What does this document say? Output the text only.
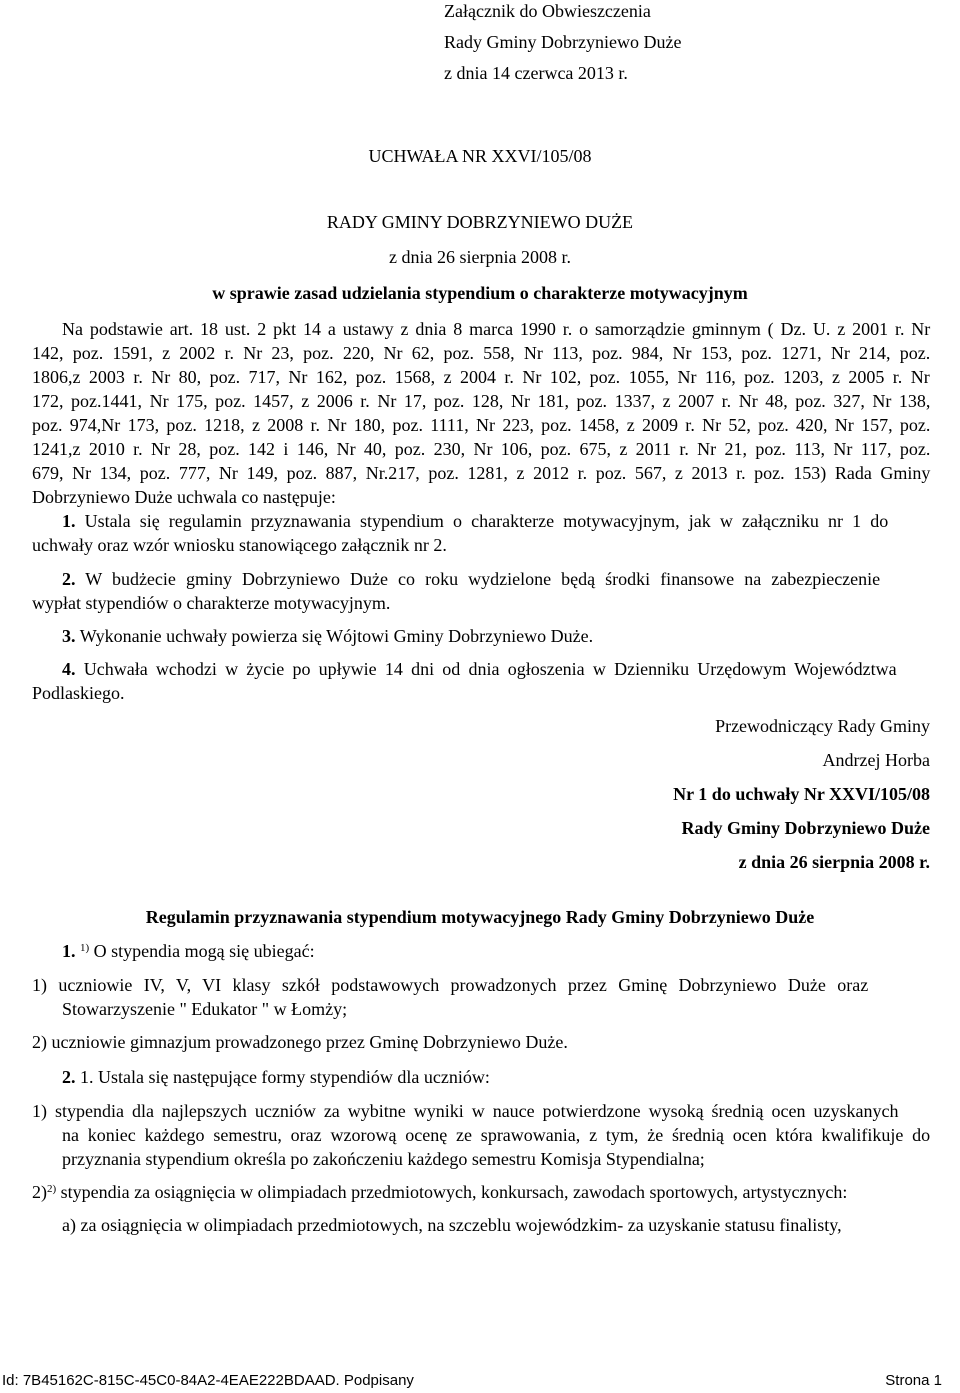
Załącznik do Obwieszczenia
Rady Gminy Dobrzyniewo Duże
z dnia 14 czerwca 2013 r.
UCHWAŁA NR XXVI/105/08
RADY GMINY DOBRZYNIEWO DUŻE
z dnia 26 sierpnia 2008 r.
w sprawie zasad udzielania stypendium o charakterze motywacyjnym
Na podstawie art. 18 ust. 2 pkt 14 a ustawy z dnia 8 marca 1990 r. o samorządzie gminnym ( Dz. U. z 2001 r. Nr
142, poz. 1591, z 2002 r. Nr 23, poz. 220, Nr 62, poz. 558, Nr 113, poz. 984, Nr 153, poz. 1271, Nr 214, poz.
1806,z 2003 r. Nr 80, poz. 717, Nr 162, poz. 1568, z 2004 r. Nr 102, poz. 1055, Nr 116, poz. 1203, z 2005 r. Nr
172, poz.1441, Nr 175, poz. 1457, z 2006 r. Nr 17, poz. 128, Nr 181, poz. 1337, z 2007 r. Nr 48, poz. 327, Nr 138,
poz. 974,Nr 173, poz. 1218, z 2008 r. Nr 180, poz. 1111, Nr 223, poz. 1458, z 2009 r. Nr 52, poz. 420, Nr 157, poz.
1241,z 2010 r. Nr 28, poz. 142 i 146, Nr 40, poz. 230, Nr 106, poz. 675, z 2011 r. Nr 21, poz. 113, Nr 117, poz.
679, Nr 134, poz. 777, Nr 149, poz. 887, Nr.217, poz. 1281, z 2012 r. poz. 567, z 2013 r. poz. 153) Rada Gminy
Dobrzyniewo Duże uchwala co następuje:
1. Ustala się regulamin przyznawania stypendium o charakterze motywacyjnym, jak w załączniku nr 1 do
uchwały oraz wzór wniosku stanowiącego załącznik nr 2.
2. W budżecie gminy Dobrzyniewo Duże co roku wydzielone będą środki finansowe na zabezpieczenie
wypłat stypendiów o charakterze motywacyjnym.
3. Wykonanie uchwały powierza się Wójtowi Gminy Dobrzyniewo Duże.
4. Uchwała wchodzi w życie po upływie 14 dni od dnia ogłoszenia w Dzienniku Urzędowym Województwa
Podlaskiego.
Przewodniczący Rady Gminy
Andrzej Horba
Nr 1 do uchwały Nr XXVI/105/08
Rady Gminy Dobrzyniewo Duże
z dnia 26 sierpnia 2008 r.
Regulamin przyznawania stypendium motywacyjnego Rady Gminy Dobrzyniewo Duże
1. $^{1)}$ O stypendia mogą się ubiegać:
1) uczniowie IV, V, VI klasy szkół podstawowych prowadzonych przez Gminę Dobrzyniewo Duże oraz
Stowarzyszenie " Edukator " w Łomży;
2) uczniowie gimnazjum prowadzonego przez Gminę Dobrzyniewo Duże.
2. 1. Ustala się następujące formy stypendiów dla uczniów:
1) stypendia dla najlepszych uczniów za wybitne wyniki w nauce potwierdzone wysoką średnią ocen uzyskanych
na koniec każdego semestru, oraz wzorową ocenę ze sprawowania, z tym, że średnią ocen która kwalifikuje do
przyznania stypendium określa po zakończeniu każdego semestru Komisja Stypendialna;
2)$^{2)}$ stypendia za osiągnięcia w olimpiadach przedmiotowych, konkursach, zawodach sportowych, artystycznych:
a) za osiągnięcia w olimpiadach przedmiotowych, na szczeblu wojewódzkim- za uzyskanie statusu finalisty,
Id: 7B45162C-815C-45C0-84A2-4EAE222BDAAD. Podpisany	Strona 1
